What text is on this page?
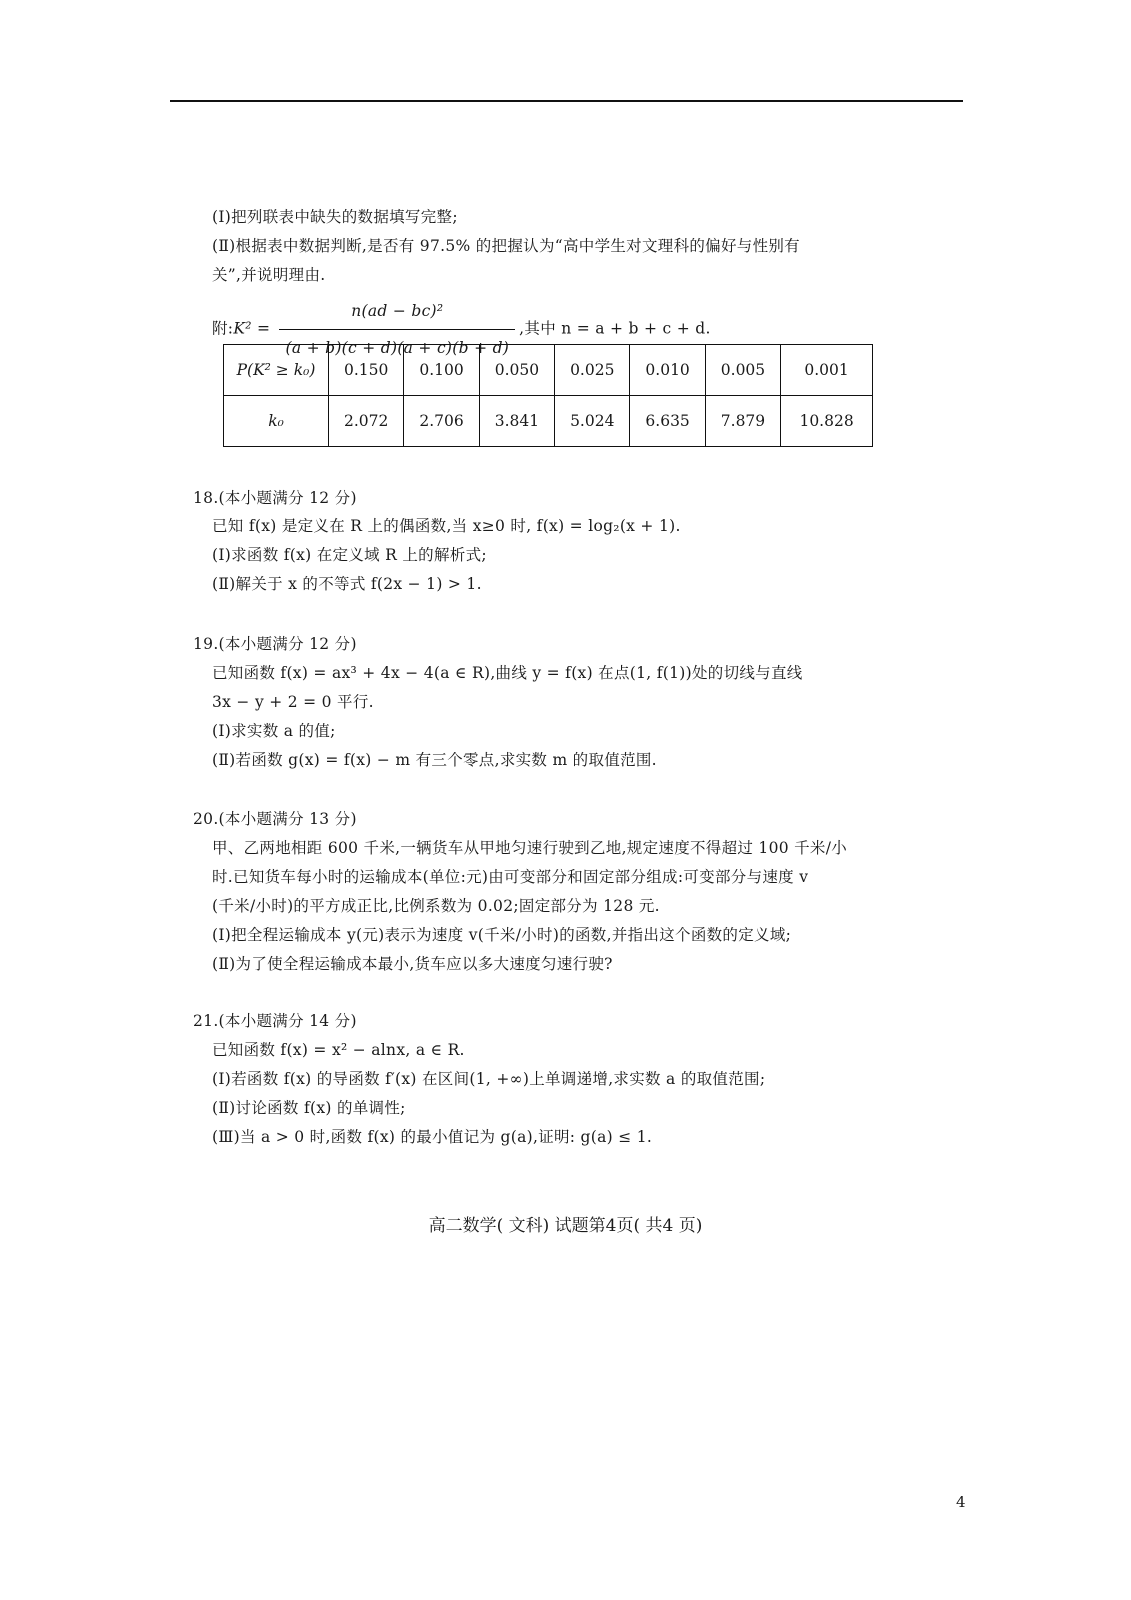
(Ⅰ)把列联表中缺失的数据填写完整;
(Ⅱ)根据表中数据判断,是否有 97.5% 的把握认为“高中学生对文理科的偏好与性别有
关”,并说明理由.
附:K² = $\frac{\text{n(ad − bc)²}}{(a + b)(c + d)(a + c)(b + d)}$ ,其中 n = a + b + c + d.
P(K² ≥ k₀)	0.150	0.100	0.050	0.025	0.010	0.005	0.001
k₀	2.072	2.706	3.841	5.024	6.635	7.879	10.828
18.(本小题满分 12 分)
已知 f(x) 是定义在 R 上的偶函数,当 x≥0 时, f(x) = log₂(x + 1).
(Ⅰ)求函数 f(x) 在定义域 R 上的解析式;
(Ⅱ)解关于 x 的不等式 f(2x − 1) > 1.
19.(本小题满分 12 分)
已知函数 f(x) = ax³ + 4x − 4(a ∈ R),曲线 y = f(x) 在点(1, f(1))处的切线与直线
3x − y + 2 = 0 平行.
(Ⅰ)求实数 a 的值;
(Ⅱ)若函数 g(x) = f(x) − m 有三个零点,求实数 m 的取值范围.
20.(本小题满分 13 分)
甲、乙两地相距 600 千米,一辆货车从甲地匀速行驶到乙地,规定速度不得超过 100 千米/小
时.已知货车每小时的运输成本(单位:元)由可变部分和固定部分组成:可变部分与速度 v
(千米/小时)的平方成正比,比例系数为 0.02;固定部分为 128 元.
(Ⅰ)把全程运输成本 y(元)表示为速度 v(千米/小时)的函数,并指出这个函数的定义域;
(Ⅱ)为了使全程运输成本最小,货车应以多大速度匀速行驶?
21.(本小题满分 14 分)
已知函数 f(x) = x² − alnx, a ∈ R.
(Ⅰ)若函数 f(x) 的导函数 f′(x) 在区间(1, +∞)上单调递增,求实数 a 的取值范围;
(Ⅱ)讨论函数 f(x) 的单调性;
(Ⅲ)当 a > 0 时,函数 f(x) 的最小值记为 g(a),证明: g(a) ≤ 1.
高二数学( 文科) 试题第4页( 共4 页)
4
